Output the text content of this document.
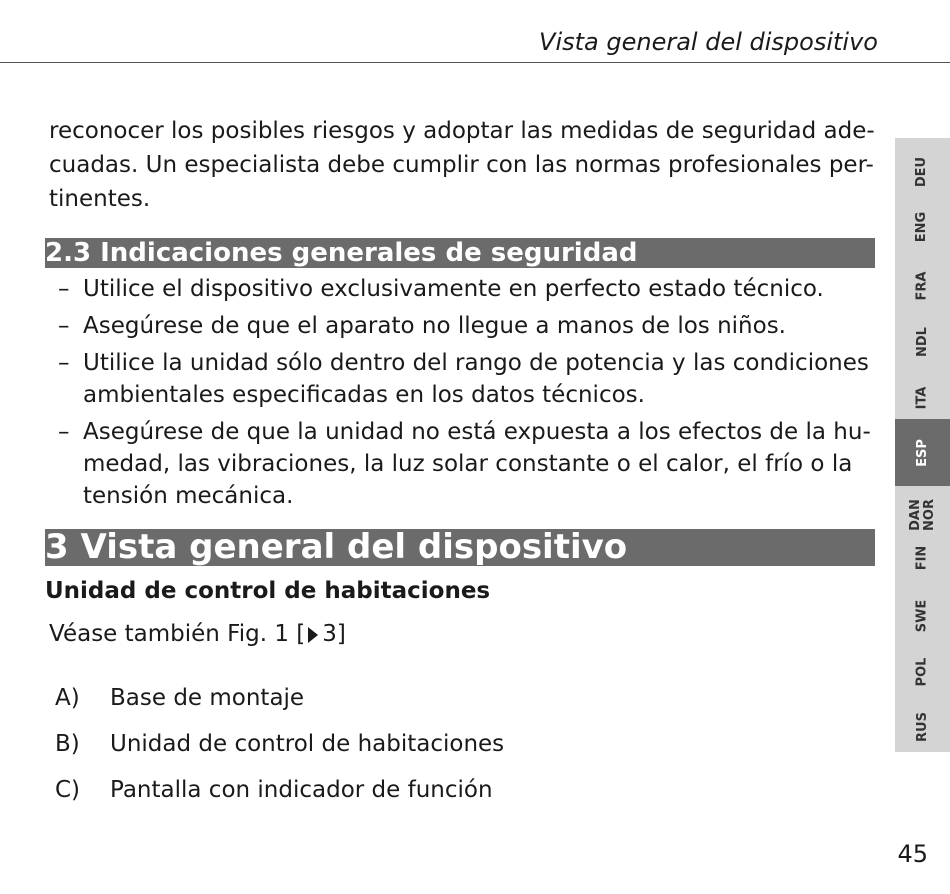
Vista general del dispositivo
reconocer los posibles riesgos y adoptar las medidas de seguridad ade-
cuadas. Un especialista debe cumplir con las normas profesionales per-
tinentes.
2.3 Indicaciones generales de seguridad
– Utilice el dispositivo exclusivamente en perfecto estado técnico.
– Asegúrese de que el aparato no llegue a manos de los niños.
– Utilice la unidad sólo dentro del rango de potencia y las condiciones
ambientales especificadas en los datos técnicos.
– Asegúrese de que la unidad no está expuesta a los efectos de la hu-
medad, las vibraciones, la luz solar constante o el calor, el frío o la
tensión mecánica.
3 Vista general del dispositivo
Unidad de control de habitaciones
Véase también Fig. 1 [ 3]
A) Base de montaje
B) Unidad de control de habitaciones
C) Pantalla con indicador de función
DEU
ENG
FRA
NDL
ITA
ESP
DAN NOR
FIN
SWE
POL
RUS
45
